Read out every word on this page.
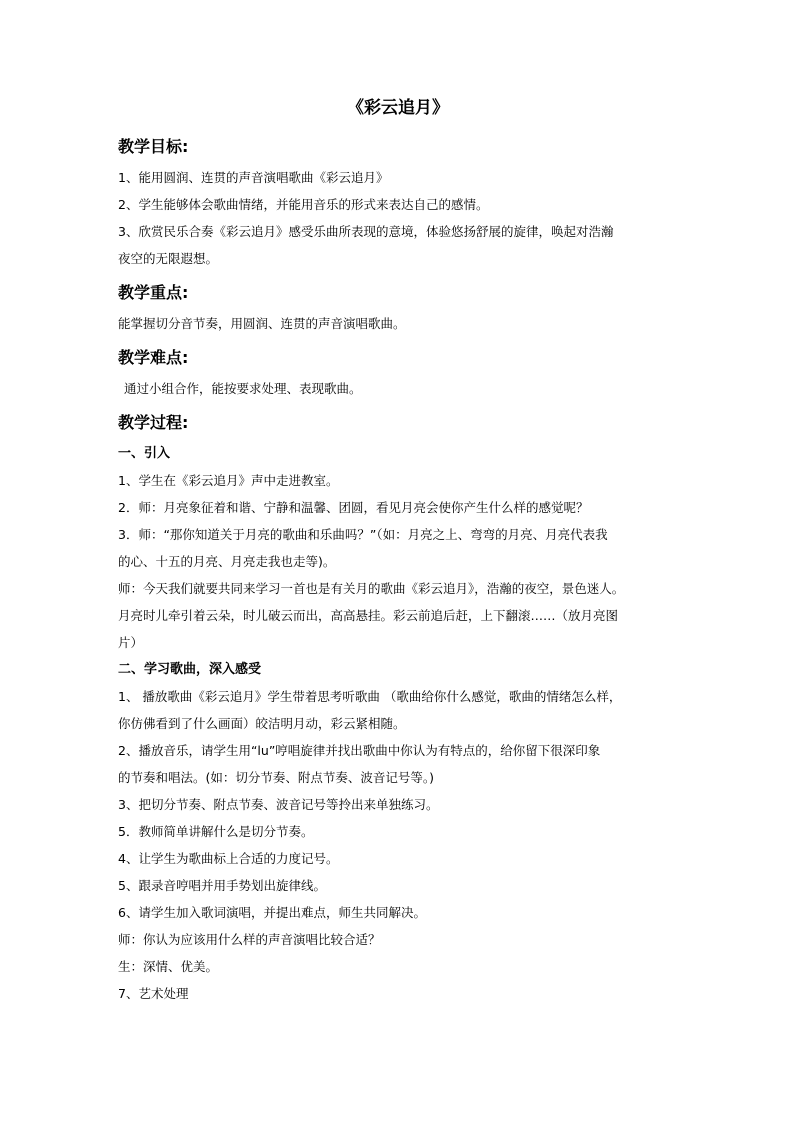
《彩云追月》
教学目标:
1、能用圆润、连贯的声音演唱歌曲《彩云追月》
2、学生能够体会歌曲情绪，并能用音乐的形式来表达自己的感情。
3、欣赏民乐合奏《彩云追月》感受乐曲所表现的意境，体验悠扬舒展的旋律，唤起对浩瀚
夜空的无限遐想。
教学重点:
能掌握切分音节奏，用圆润、连贯的声音演唱歌曲。
教学难点:
通过小组合作，能按要求处理、表现歌曲。
教学过程:
一、引入
1、学生在《彩云追月》声中走进教室。
2．师：月亮象征着和谐、宁静和温馨、团圆，看见月亮会使你产生什么样的感觉呢？
3．师：“那你知道关于月亮的歌曲和乐曲吗？”（如：月亮之上、弯弯的月亮、月亮代表我
的心、十五的月亮、月亮走我也走等)。
师：今天我们就要共同来学习一首也是有关月的歌曲《彩云追月》，浩瀚的夜空，景色迷人。
月亮时儿牵引着云朵，时儿破云而出，高高悬挂。彩云前追后赶，上下翻滚……（放月亮图
片）
二、学习歌曲，深入感受
1、 播放歌曲《彩云追月》学生带着思考听歌曲 （歌曲给你什么感觉，歌曲的情绪怎么样，
你仿佛看到了什么画面）皎洁明月动，彩云紧相随。
2、播放音乐，请学生用“lu”哼唱旋律并找出歌曲中你认为有特点的，给你留下很深印象
的节奏和唱法。(如：切分节奏、附点节奏、波音记号等。)
3、把切分节奏、附点节奏、波音记号等拎出来单独练习。
5．教师简单讲解什么是切分节奏。
4、让学生为歌曲标上合适的力度记号。
5、跟录音哼唱并用手势划出旋律线。
6、请学生加入歌词演唱，并提出难点，师生共同解决。
师：你认为应该用什么样的声音演唱比较合适？
生：深情、优美。
7、艺术处理
